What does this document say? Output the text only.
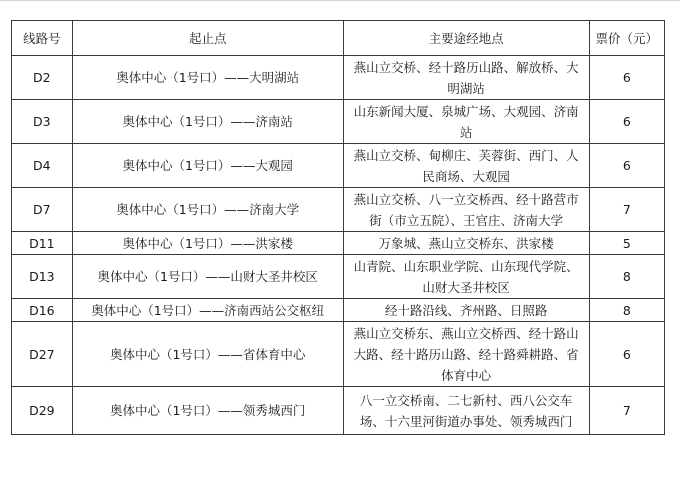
线路号	起止点	主要途经地点	票价（元）
D2	奥体中心（1号口）——大明湖站	燕山立交桥、经十路历山路、解放桥、大明湖站	6
D3	奥体中心（1号口）——济南站	山东新闻大厦、泉城广场、大观园、济南站	6
D4	奥体中心（1号口）——大观园	燕山立交桥、甸柳庄、芙蓉街、西门、人民商场、大观园	6
D7	奥体中心（1号口）——济南大学	燕山立交桥、八一立交桥西、经十路营市街（市立五院）、王官庄、济南大学	7
D11	奥体中心（1号口）——洪家楼	万象城、燕山立交桥东、洪家楼	5
D13	奥体中心（1号口）——山财大圣井校区	山青院、山东职业学院、山东现代学院、山财大圣井校区	8
D16	奥体中心（1号口）——济南西站公交枢纽	经十路沿线、齐州路、日照路	8
D27	奥体中心（1号口）——省体育中心	燕山立交桥东、燕山立交桥西、经十路山大路、经十路历山路、经十路舜耕路、省体育中心	6
D29	奥体中心（1号口）——领秀城西门	八一立交桥南、二七新村、西八公交车场、十六里河街道办事处、领秀城西门	7
